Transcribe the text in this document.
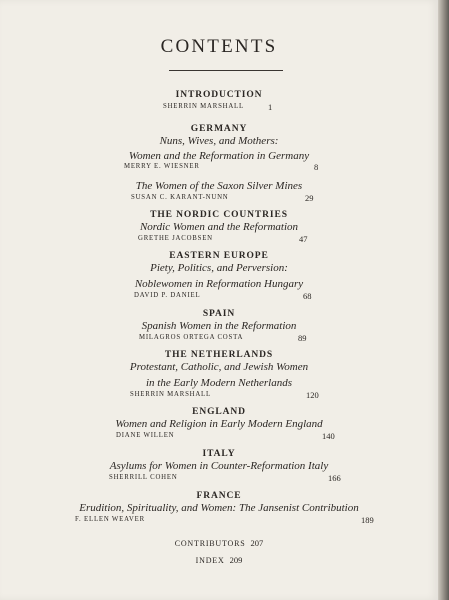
CONTENTS
INTRODUCTION
SHERRIN MARSHALL	1
GERMANY
Nuns, Wives, and Mothers:
Women and the Reformation in Germany
MERRY E. WIESNER	8
The Women of the Saxon Silver Mines
SUSAN C. KARANT-NUNN	29
THE NORDIC COUNTRIES
Nordic Women and the Reformation
GRETHE JACOBSEN	47
EASTERN EUROPE
Piety, Politics, and Perversion:
Noblewomen in Reformation Hungary
DAVID P. DANIEL	68
SPAIN
Spanish Women in the Reformation
MILAGROS ORTEGA COSTA	89
THE NETHERLANDS
Protestant, Catholic, and Jewish Women
in the Early Modern Netherlands
SHERRIN MARSHALL	120
ENGLAND
Women and Religion in Early Modern England
DIANE WILLEN	140
ITALY
Asylums for Women in Counter-Reformation Italy
SHERRILL COHEN	166
FRANCE
Erudition, Spirituality, and Women: The Jansenist Contribution
F. ELLEN WEAVER	189
CONTRIBUTORS 207
INDEX 209
